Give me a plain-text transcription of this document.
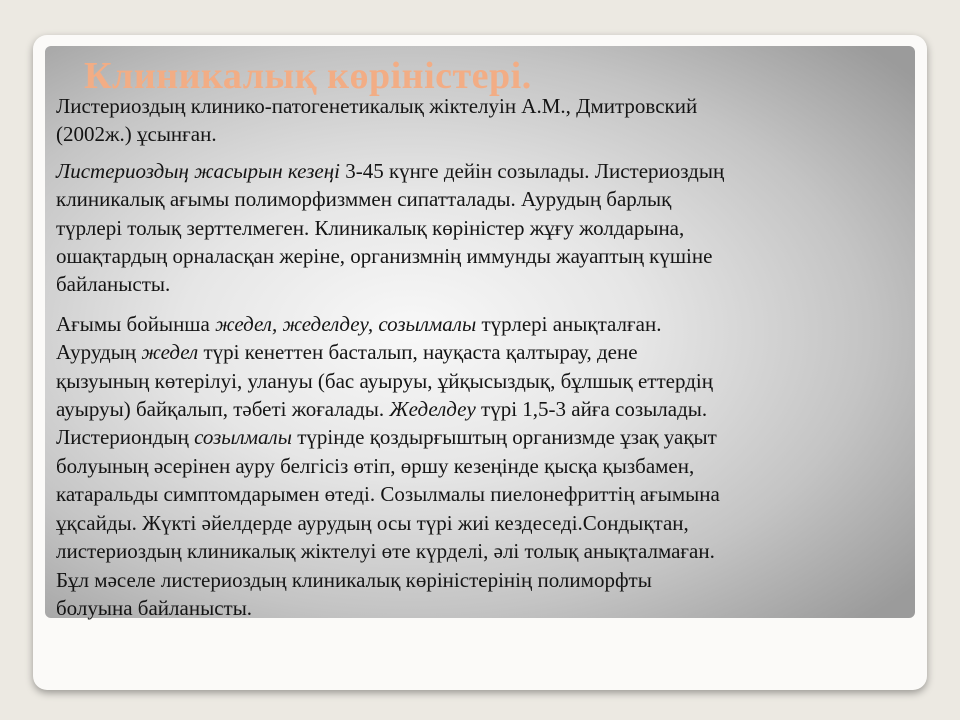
Клиникалық көріністері.

Листериоздың клинико-патогенетикалық жіктелуін А.М., Дмитровский
(2002ж.) ұсынған.

Листериоздың жасырын кезеңі 3-45 күнге дейін созылады. Листериоздың
клиникалық ағымы полиморфизммен сипатталады. Аурудың барлық
түрлері толық зерттелмеген. Клиникалық көріністер жұғу жолдарына,
ошақтардың орналасқан жеріне, организмнің иммунды жауаптың күшіне
байланысты.

Ағымы бойынша жедел, жеделдеу, созылмалы түрлері анықталған.
Аурудың жедел түрі кенеттен басталып, науқаста қалтырау, дене
қызуының көтерілуі, улануы (бас ауыруы, ұйқысыздық, бұлшық еттердің
ауыруы) байқалып, тәбеті жоғалады. Жеделдеу түрі 1,5-3 айға созылады.
Листериондың созылмалы түрінде қоздырғыштың организмде ұзақ уақыт
болуының әсерінен ауру белгісіз өтіп, өршу кезеңінде қысқа қызбамен,
катаральды симптомдарымен өтеді. Созылмалы пиелонефриттің ағымына
ұқсайды. Жүкті әйелдерде аурудың осы түрі жиі кездеседі.Сондықтан,
листериоздың клиникалық жіктелуі өте күрделі, әлі толық анықталмаған.
Бұл мәселе листериоздың клиникалық көріністерінің полиморфты
болуына байланысты.
